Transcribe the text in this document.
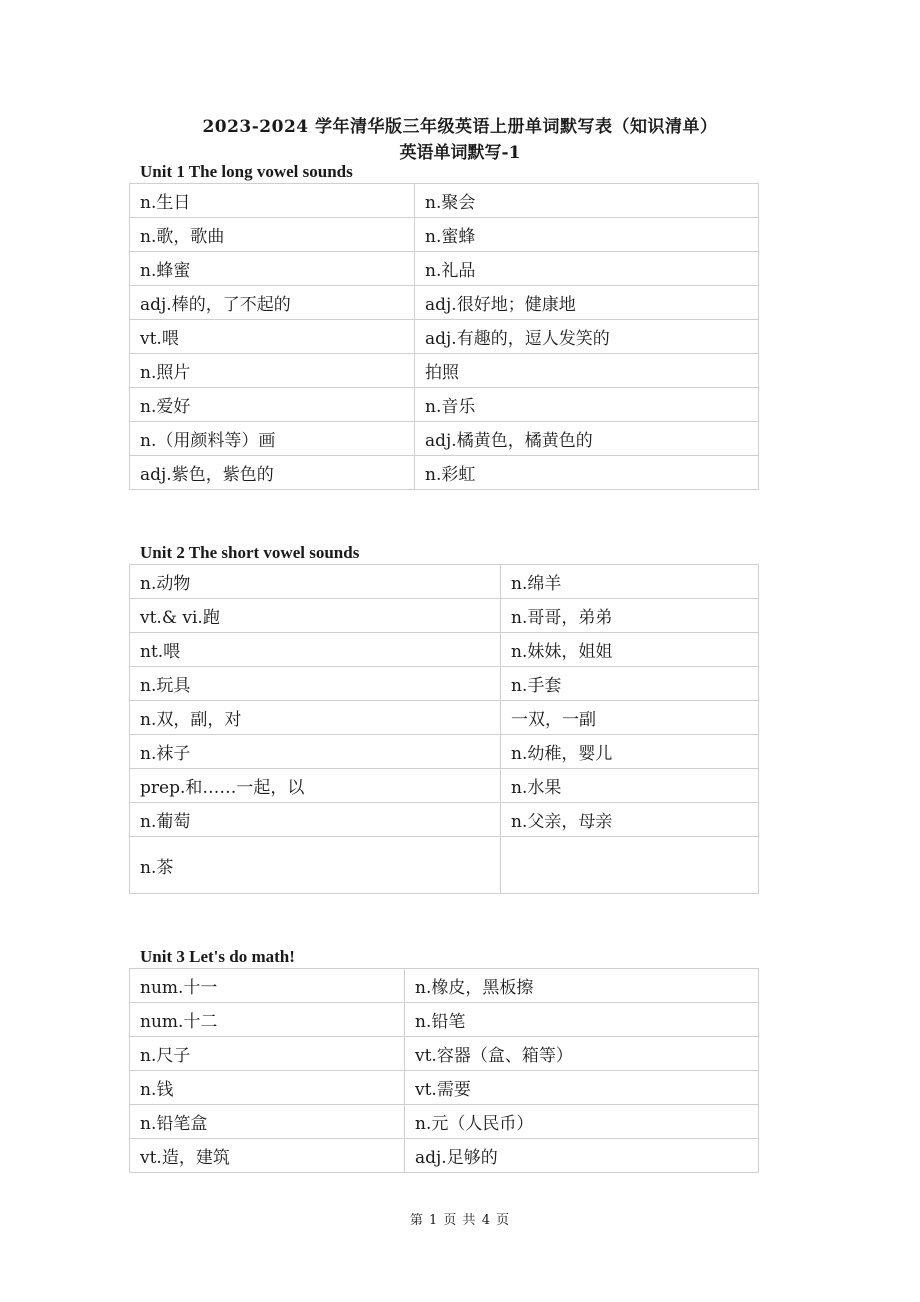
2023-2024 学年清华版三年级英语上册单词默写表（知识清单）
英语单词默写-1
Unit 1 The long vowel sounds
n.生日	n.聚会
n.歌，歌曲	n.蜜蜂
n.蜂蜜	n.礼品
adj.棒的，了不起的	adj.很好地；健康地
vt.喂	adj.有趣的，逗人发笑的
n.照片	拍照
n.爱好	n.音乐
n.（用颜料等）画	adj.橘黄色，橘黄色的
adj.紫色，紫色的	n.彩虹
Unit 2 The short vowel sounds
n.动物	n.绵羊
vt.& vi.跑	n.哥哥，弟弟
nt.喂	n.妹妹，姐姐
n.玩具	n.手套
n.双，副，对	一双，一副
n.袜子	n.幼稚，婴儿
prep.和……一起，以	n.水果
n.葡萄	n.父亲，母亲
n.茶	
Unit 3 Let's do math!
num.十一	n.橡皮，黑板擦
num.十二	n.铅笔
n.尺子	vt.容器（盒、箱等）
n.钱	vt.需要
n.铅笔盒	n.元（人民币）
vt.造，建筑	adj.足够的
第 1 页 共 4 页
